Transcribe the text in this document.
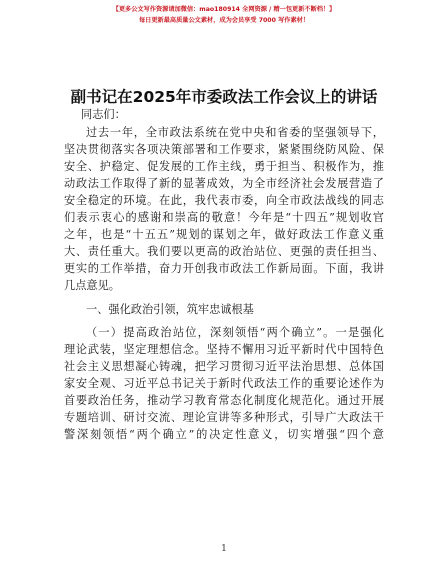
【更多公文写作资源请加微信：mao180914 全网资源 / 精一包更新不断档！】
每日更新最高质量公文素材，成为会员享受 7000 写作素材！
副书记在2025年市委政法工作会议上的讲话
同志们：
过去一年，全市政法系统在党中央和省委的坚强领导下，
坚决贯彻落实各项决策部署和工作要求，紧紧围绕防风险、保
安全、护稳定、促发展的工作主线，勇于担当、积极作为，推
动政法工作取得了新的显著成效，为全市经济社会发展营造了
安全稳定的环境。在此，我代表市委，向全市政法战线的同志
们表示衷心的感谢和崇高的敬意！今年是“十四五”规划收官
之年，也是“十五五”规划的谋划之年，做好政法工作意义重
大、责任重大。我们要以更高的政治站位、更强的责任担当、
更实的工作举措，奋力开创我市政法工作新局面。下面，我讲
几点意见。
一、强化政治引领，筑牢忠诚根基
（一）提高政治站位，深刻领悟“两个确立”。一是强化
理论武装，坚定理想信念。坚持不懈用习近平新时代中国特色
社会主义思想凝心铸魂，把学习贯彻习近平法治思想、总体国
家安全观、习近平总书记关于新时代政法工作的重要论述作为
首要政治任务，推动学习教育常态化制度化规范化。通过开展
专题培训、研讨交流、理论宣讲等多种形式，引导广大政法干
警深刻领悟“两个确立”的决定性意义，切实增强“四个意
1
